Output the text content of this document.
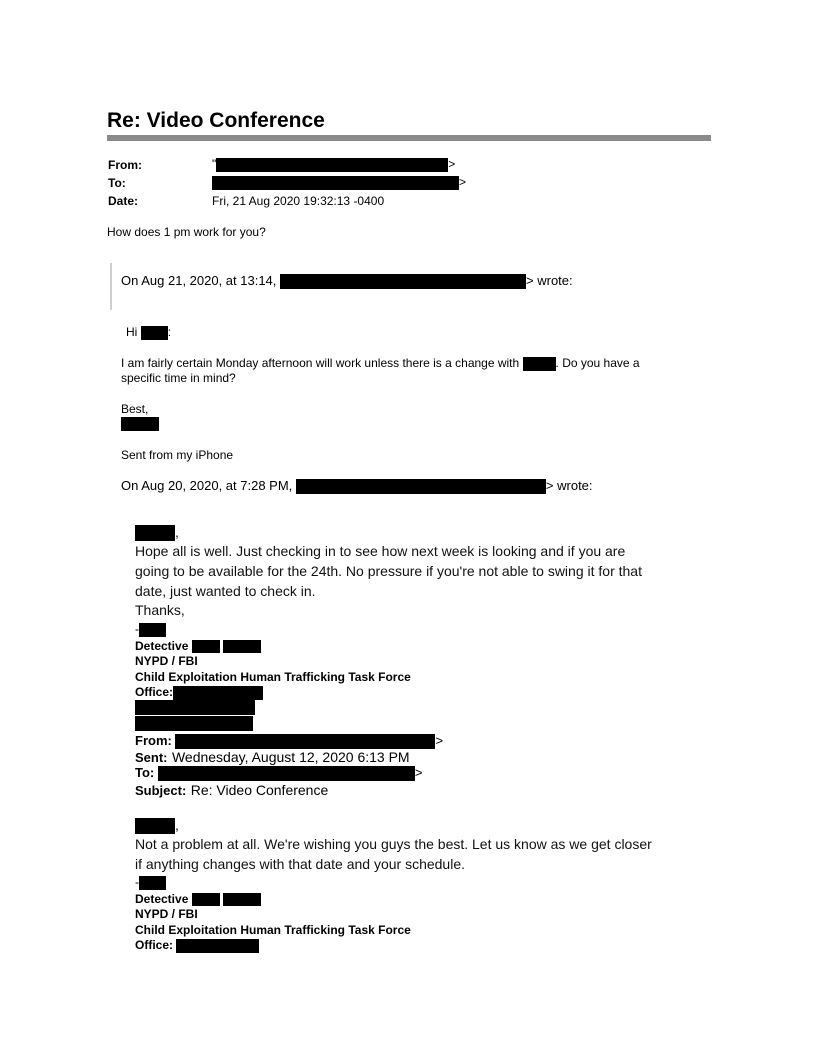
Re: Video Conference
From:	"	>
To:	>
Date:	Fri, 21 Aug 2020 19:32:13 -0400
How does 1 pm work for you?
On Aug 21, 2020, at 13:14,	> wrote:
Hi	:
I am fairly certain Monday afternoon will work unless there is a change with	. Do you have a
specific time in mind?
Best,
Sent from my iPhone
On Aug 20, 2020, at 7:28 PM,	> wrote:
,
Hope all is well. Just checking in to see how next week is looking and if you are
going to be available for the 24th. No pressure if you're not able to swing it for that
date, just wanted to check in.
Thanks,
-
Detective
NYPD / FBI
Child Exploitation Human Trafficking Task Force
Office:
From:	>
Sent: Wednesday, August 12, 2020 6:13 PM
To:	>
Subject: Re: Video Conference
,
Not a problem at all. We're wishing you guys the best. Let us know as we get closer
if anything changes with that date and your schedule.
-
Detective
NYPD / FBI
Child Exploitation Human Trafficking Task Force
Office:
